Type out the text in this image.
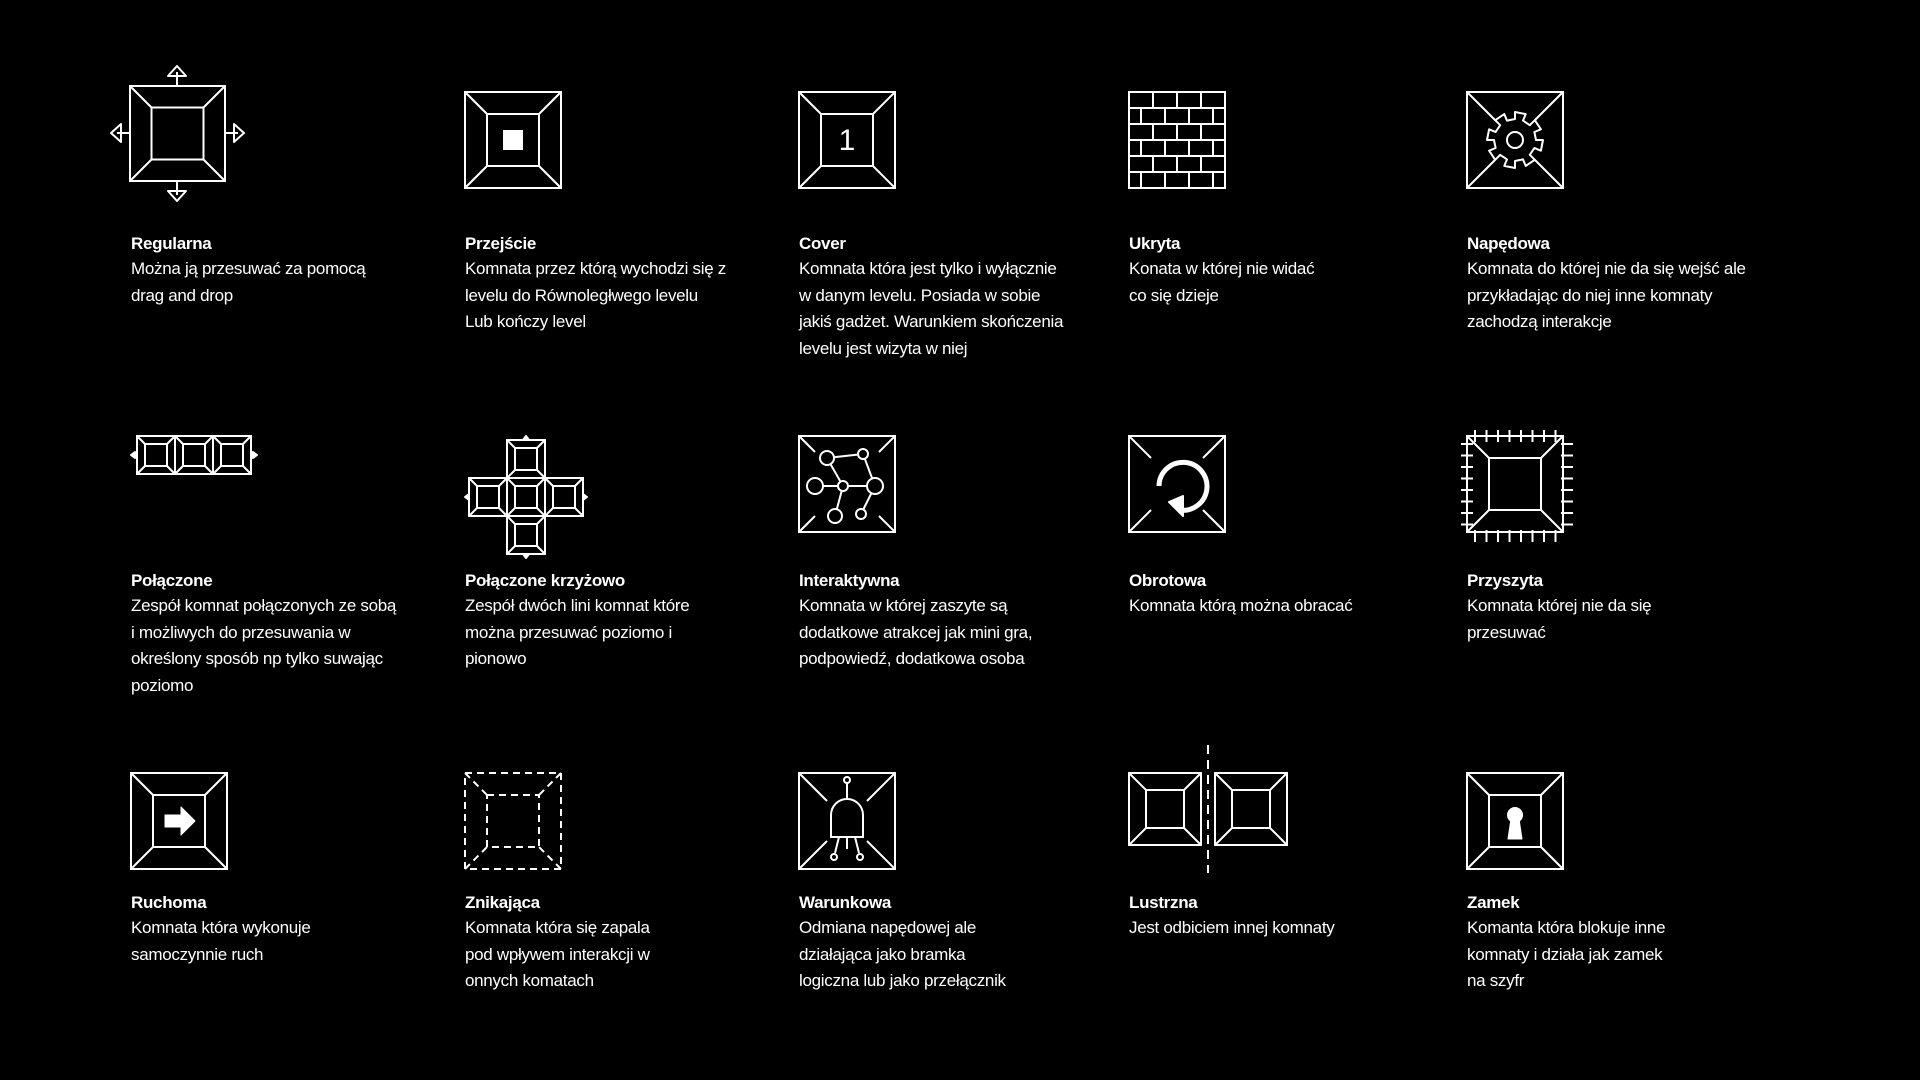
Regularna
Można ją przesuwać za pomocą
drag and drop
Przejście
Komnata przez którą wychodzi się z
levelu do Równoległwego levelu
Lub kończy level
1
Cover
Komnata która jest tylko i wyłącznie
w danym levelu. Posiada w sobie
jakiś gadżet. Warunkiem skończenia
levelu jest wizyta w niej
Ukryta
Konata w której nie widać
co się dzieje
Napędowa
Komnata do której nie da się wejść ale
przykładając do niej inne komnaty
zachodzą interakcje
Połączone
Zespół komnat połączonych ze sobą
i możliwych do przesuwania w
określony sposób np tylko suwając
poziomo
Połączone krzyżowo
Zespół dwóch lini komnat które
można przesuwać poziomo i
pionowo
Interaktywna
Komnata w której zaszyte są
dodatkowe atrakcej jak mini gra,
podpowiedź, dodatkowa osoba
Obrotowa
Komnata którą można obracać
Przyszyta
Komnata której nie da się
przesuwać
Ruchoma
Komnata która wykonuje
samoczynnie ruch
Znikająca
Komnata która się zapala
pod wpływem interakcji w
onnych komatach
Warunkowa
Odmiana napędowej ale
działająca jako bramka
logiczna lub jako przełącznik
Lustrzna
Jest odbiciem innej komnaty
Zamek
Komanta która blokuje inne
komnaty i działa jak zamek
na szyfr
